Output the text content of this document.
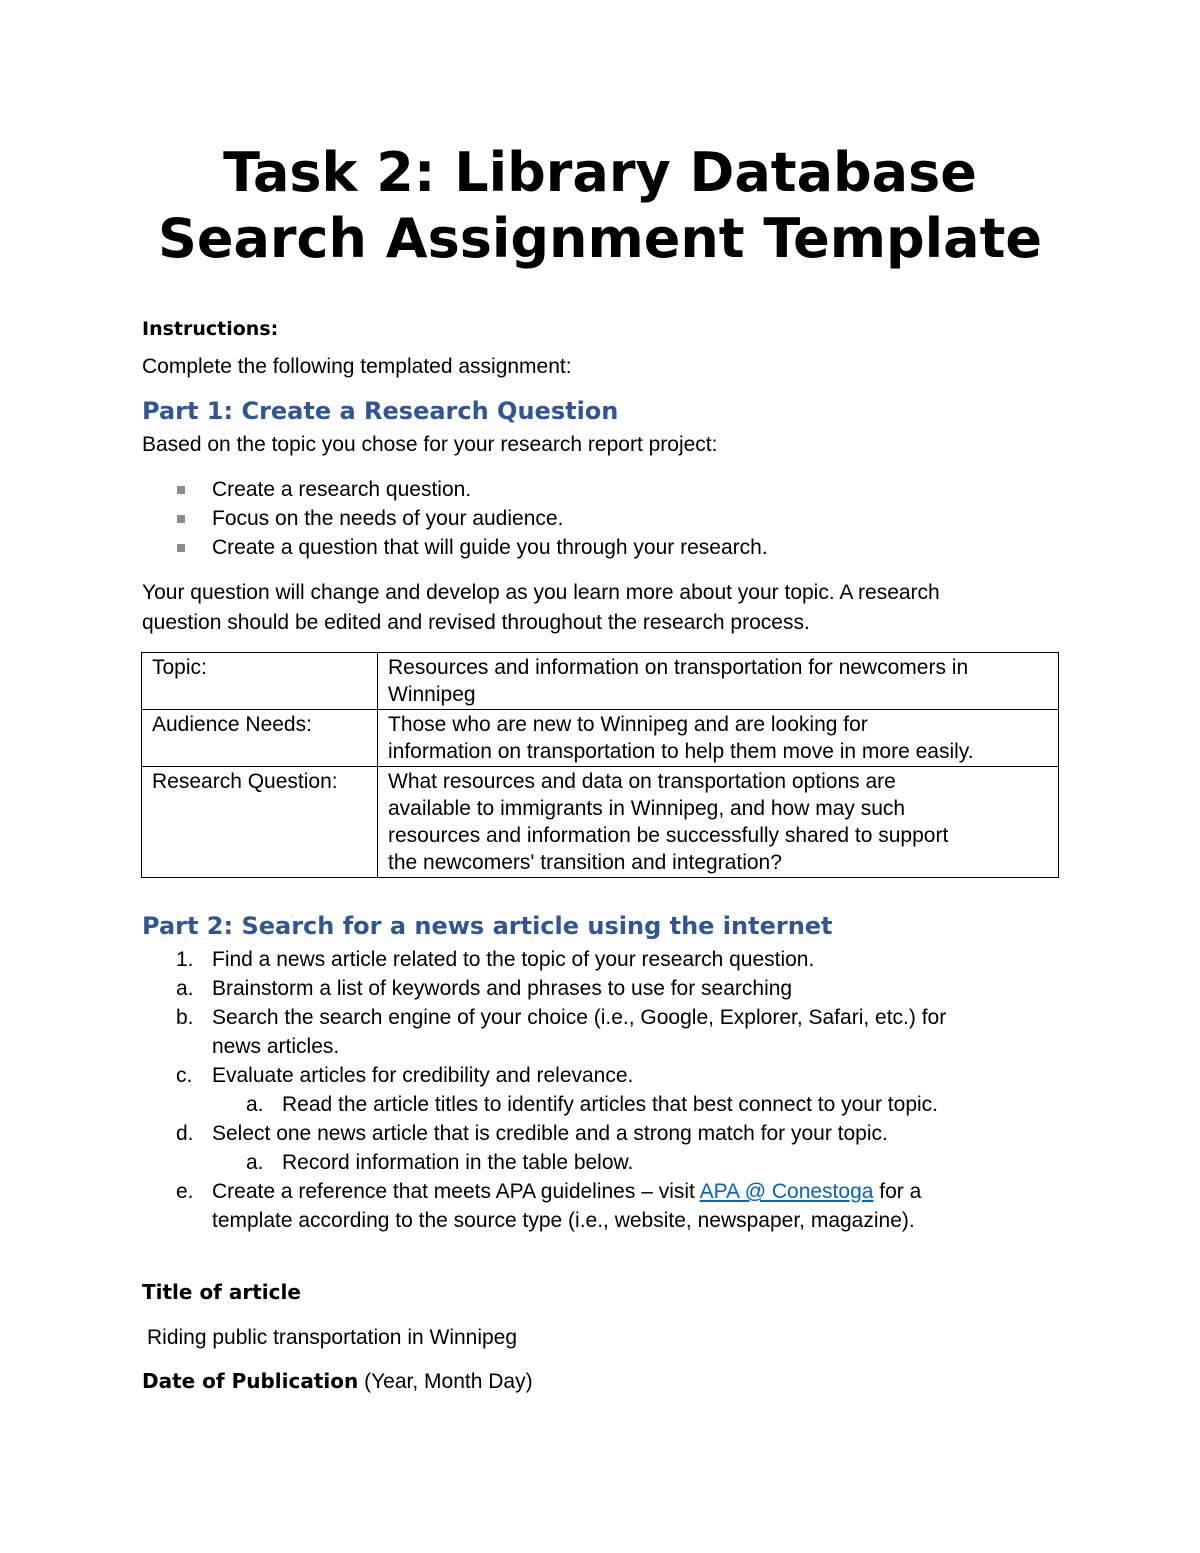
Task 2: Library Database
Search Assignment Template
Instructions:
Complete the following templated assignment:
Part 1: Create a Research Question
Based on the topic you chose for your research report project:
Create a research question.
Focus on the needs of your audience.
Create a question that will guide you through your research.
Your question will change and develop as you learn more about your topic. A research
question should be edited and revised throughout the research process.
Topic:	Resources and information on transportation for newcomers in
Winnipeg

Audience Needs:	Those who are new to Winnipeg and are looking for
information on transportation to help them move in more easily.

Research Question:	What resources and data on transportation options are
available to immigrants in Winnipeg, and how may such
resources and information be successfully shared to support
the newcomers' transition and integration?
Part 2: Search for a news article using the internet
1. Find a news article related to the topic of your research question.
a. Brainstorm a list of keywords and phrases to use for searching
b. Search the search engine of your choice (i.e., Google, Explorer, Safari, etc.) for
news articles.
c. Evaluate articles for credibility and relevance.
a. Read the article titles to identify articles that best connect to your topic.
d. Select one news article that is credible and a strong match for your topic.
a. Record information in the table below.
e. Create a reference that meets APA guidelines – visit APA @ Conestoga for a
template according to the source type (i.e., website, newspaper, magazine).
Title of article
Riding public transportation in Winnipeg
Date of Publication (Year, Month Day)
